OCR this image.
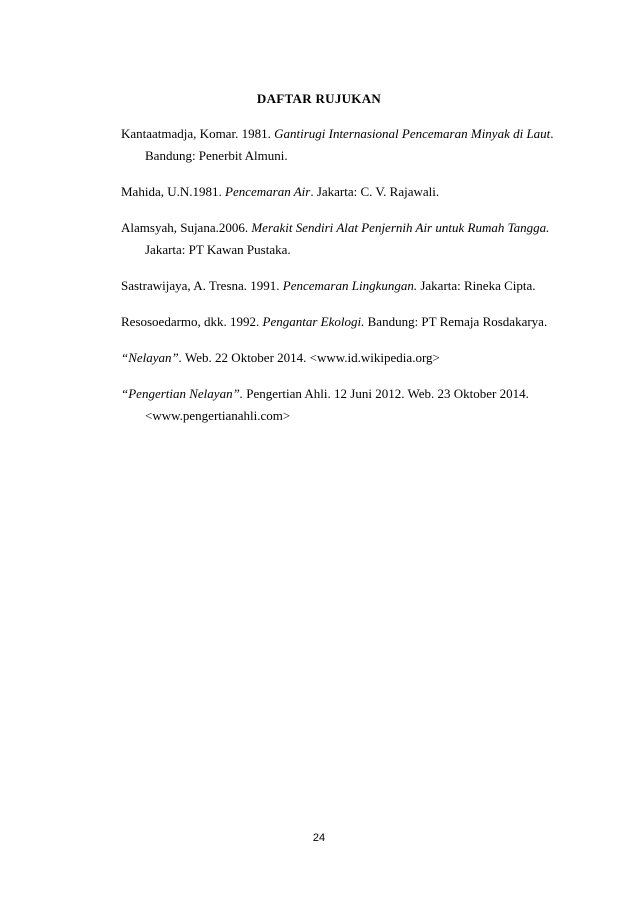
DAFTAR RUJUKAN

Kantaatmadja, Komar. 1981. Gantirugi Internasional Pencemaran Minyak di Laut. Bandung: Penerbit Almuni.

Mahida, U.N.1981. Pencemaran Air. Jakarta: C. V. Rajawali.

Alamsyah, Sujana.2006. Merakit Sendiri Alat Penjernih Air untuk Rumah Tangga. Jakarta: PT Kawan Pustaka.

Sastrawijaya, A. Tresna. 1991. Pencemaran Lingkungan. Jakarta: Rineka Cipta.

Resosoedarmo, dkk. 1992. Pengantar Ekologi. Bandung: PT Remaja Rosdakarya.

“Nelayan”. Web. 22 Oktober 2014. <www.id.wikipedia.org>

“Pengertian Nelayan”. Pengertian Ahli. 12 Juni 2012. Web. 23 Oktober 2014.<www.pengertianahli.com>

24
